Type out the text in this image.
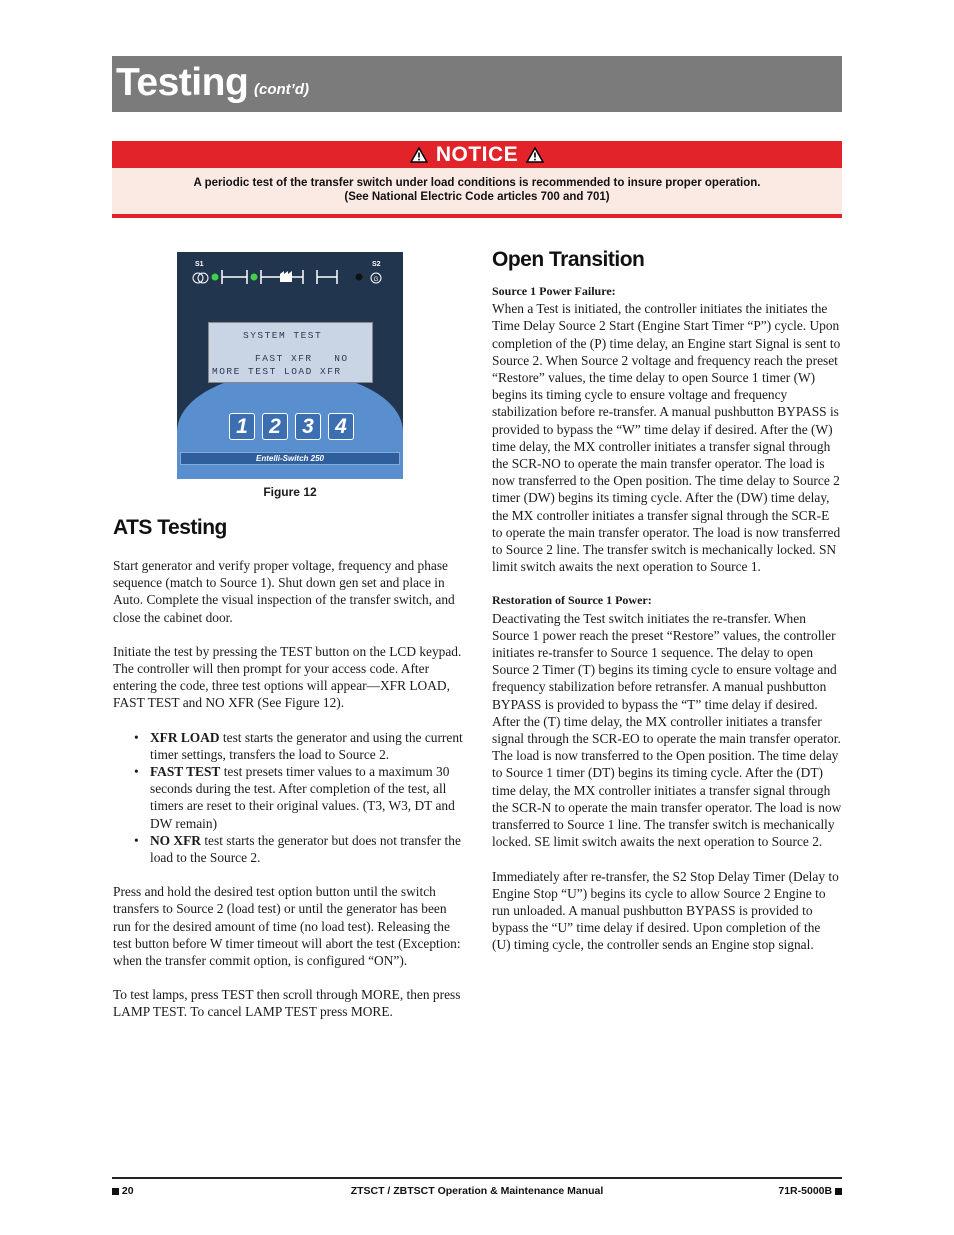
Testing (cont’d)
NOTICE
A periodic test of the transfer switch under load conditions is recommended to insure proper operation.
(See National Electric Code articles 700 and 701)
S1	S2
G
SYSTEM TEST
FAST XFR   NO
MORE TEST LOAD XFR
1	2	3	4
Entelli-Switch 250
Figure 12
ATS Testing

Start generator and verify proper voltage, frequency and phase sequence (match to Source 1). Shut down gen set and place in Auto. Complete the visual inspection of the transfer switch, and close the cabinet door.

Initiate the test by pressing the TEST button on the LCD keypad. The controller will then prompt for your access code. After entering the code, three test options will appear—XFR LOAD, FAST TEST and NO XFR (See Figure 12).

• XFR LOAD test starts the generator and using the current timer settings, transfers the load to Source 2.
• FAST TEST test presets timer values to a maximum 30 seconds during the test. After completion of the test, all timers are reset to their original values. (T3, W3, DT and DW remain)
• NO XFR test starts the generator but does not transfer the load to the Source 2.

Press and hold the desired test option button until the switch transfers to Source 2 (load test) or until the generator has been run for the desired amount of time (no load test). Releasing the test button before W timer timeout will abort the test (Exception: when the transfer commit option, is configured “ON”).

To test lamps, press TEST then scroll through MORE, then press LAMP TEST. To cancel LAMP TEST press MORE.

Open Transition

Source 1 Power Failure:

When a Test is initiated, the controller initiates the initiates the Time Delay Source 2 Start (Engine Start Timer “P”) cycle. Upon completion of the (P) time delay, an Engine start Signal is sent to Source 2. When Source 2 voltage and frequency reach the preset “Restore” values, the time delay to open Source 1 timer (W) begins its timing cycle to ensure voltage and frequency stabilization before re-transfer. A manual pushbutton BYPASS is provided to bypass the “W” time delay if desired. After the (W) time delay, the MX controller initiates a transfer signal through the SCR-NO to operate the main transfer operator. The load is now transferred to the Open position. The time delay to Source 2 timer (DW) begins its timing cycle. After the (DW) time delay, the MX controller initiates a transfer signal through the SCR-E to operate the main transfer operator. The load is now transferred to Source 2 line. The transfer switch is mechanically locked. SN limit switch awaits the next operation to Source 1.

Restoration of Source 1 Power:

Deactivating the Test switch initiates the re-transfer. When Source 1 power reach the preset “Restore” values, the controller initiates re-transfer to Source 1 sequence. The delay to open Source 2 Timer (T) begins its timing cycle to ensure voltage and frequency stabilization before retransfer. A manual pushbutton BYPASS is provided to bypass the “T” time delay if desired. After the (T) time delay, the MX controller initiates a transfer signal through the SCR-EO to operate the main transfer operator. The load is now transferred to the Open position. The time delay to Source 1 timer (DT) begins its timing cycle. After the (DT) time delay, the MX controller initiates a transfer signal through the SCR-N to operate the main transfer operator. The load is now transferred to Source 1 line. The transfer switch is mechanically locked. SE limit switch awaits the next operation to Source 2.

Immediately after re-transfer, the S2 Stop Delay Timer (Delay to Engine Stop “U”) begins its cycle to allow Source 2 Engine to run unloaded. A manual pushbutton BYPASS is provided to bypass the “U” time delay if desired. Upon completion of the (U) timing cycle, the controller sends an Engine stop signal.

20	ZTSCT / ZBTSCT Operation & Maintenance Manual	71R-5000B
